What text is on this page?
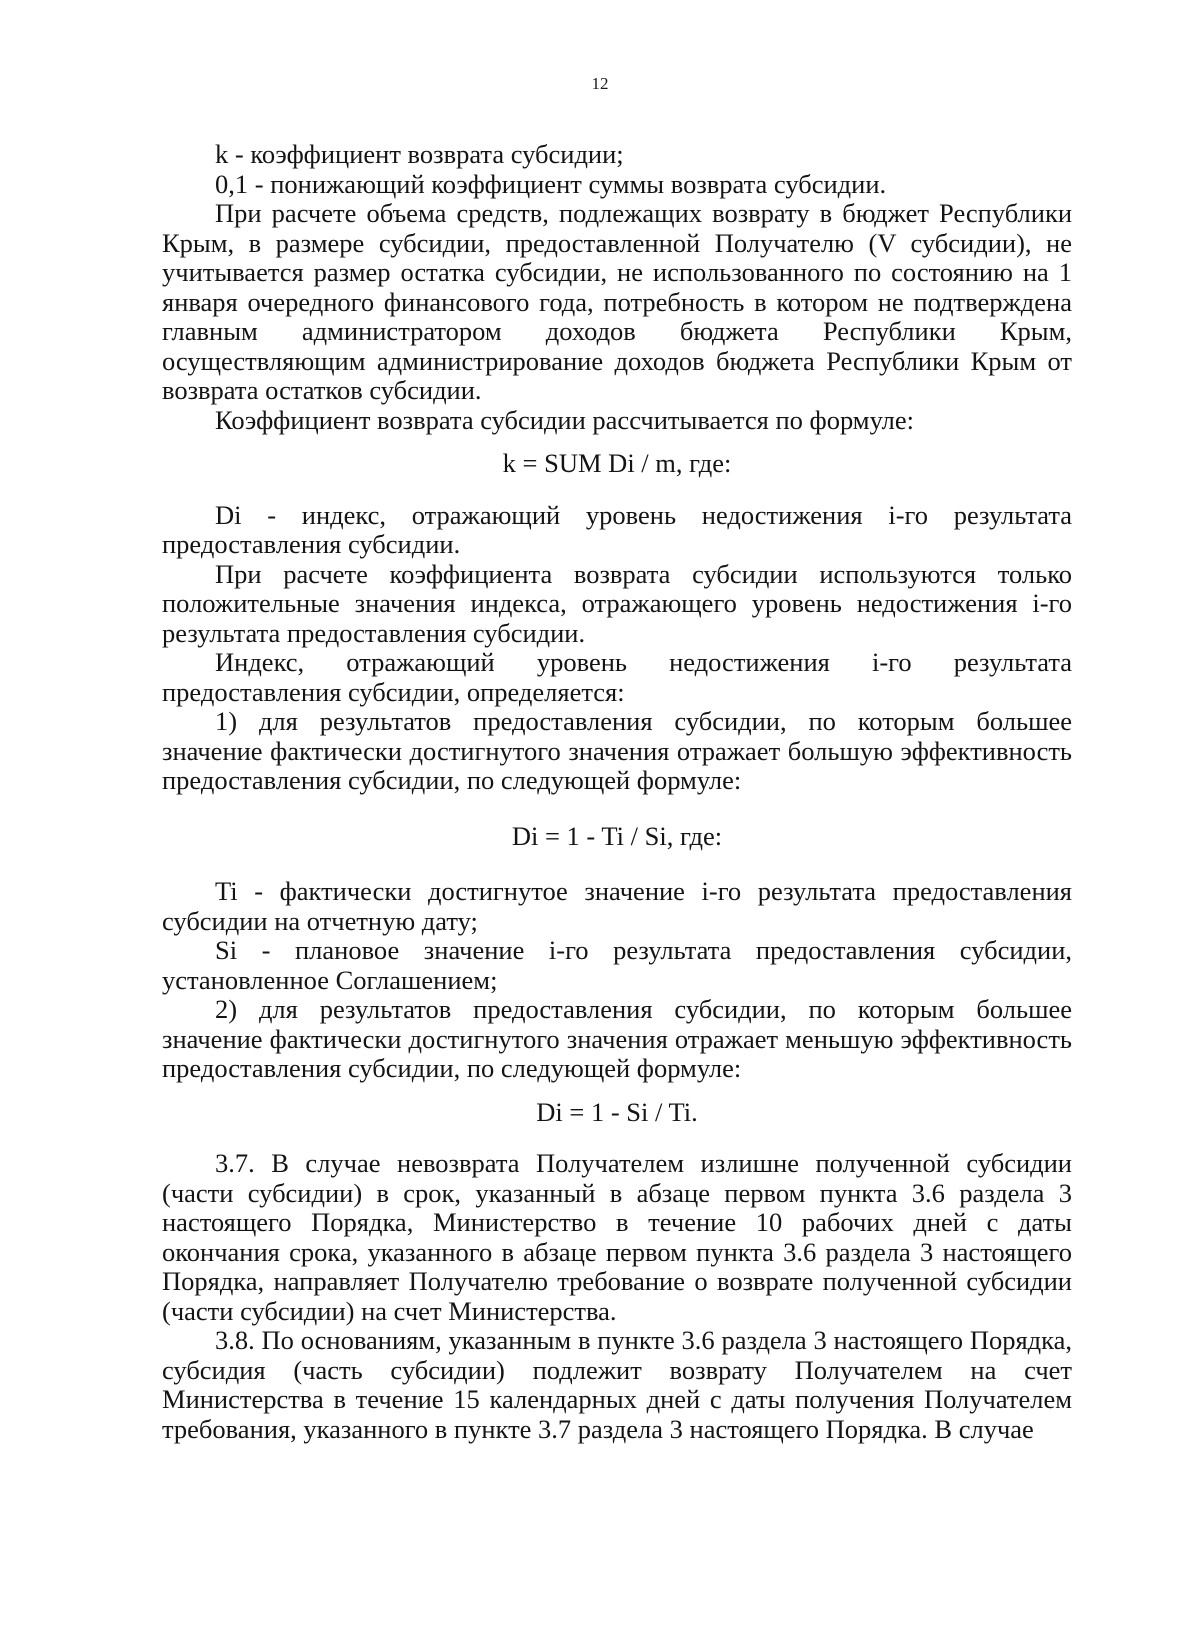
12

k - коэффициент возврата субсидии;

0,1 - понижающий коэффициент суммы возврата субсидии.

При расчете объема средств, подлежащих возврату в бюджет Республики Крым, в размере субсидии, предоставленной Получателю (V субсидии), не учитывается размер остатка субсидии, не использованного по состоянию на 1 января очередного финансового года, потребность в котором не подтверждена главным администратором доходов бюджета Республики Крым, осуществляющим администрирование доходов бюджета Республики Крым от возврата остатков субсидии.

Коэффициент возврата субсидии рассчитывается по формуле:

k = SUM Di / m, где:

Di - индекс, отражающий уровень недостижения i-го результата предоставления субсидии.

При расчете коэффициента возврата субсидии используются только положительные значения индекса, отражающего уровень недостижения i-го результата предоставления субсидии.

Индекс, отражающий уровень недостижения i-го результата предоставления субсидии, определяется:

1) для результатов предоставления субсидии, по которым большее значение фактически достигнутого значения отражает большую эффективность предоставления субсидии, по следующей формуле:

Di = 1 - Ti / Si, где:

Ti - фактически достигнутое значение i-го результата предоставления субсидии на отчетную дату;

Si - плановое значение i-го результата предоставления субсидии, установленное Соглашением;

2) для результатов предоставления субсидии, по которым большее значение фактически достигнутого значения отражает меньшую эффективность предоставления субсидии, по следующей формуле:

Di = 1 - Si / Ti.

3.7. В случае невозврата Получателем излишне полученной субсидии (части субсидии) в срок, указанный в абзаце первом пункта 3.6 раздела 3 настоящего Порядка, Министерство в течение 10 рабочих дней с даты окончания срока, указанного в абзаце первом пункта 3.6 раздела 3 настоящего Порядка, направляет Получателю требование о возврате полученной субсидии (части субсидии) на счет Министерства.

3.8. По основаниям, указанным в пункте 3.6 раздела 3 настоящего Порядка, субсидия (часть субсидии) подлежит возврату Получателем на счет Министерства в течение 15 календарных дней с даты получения Получателем требования, указанного в пункте 3.7 раздела 3 настоящего Порядка. В случае
